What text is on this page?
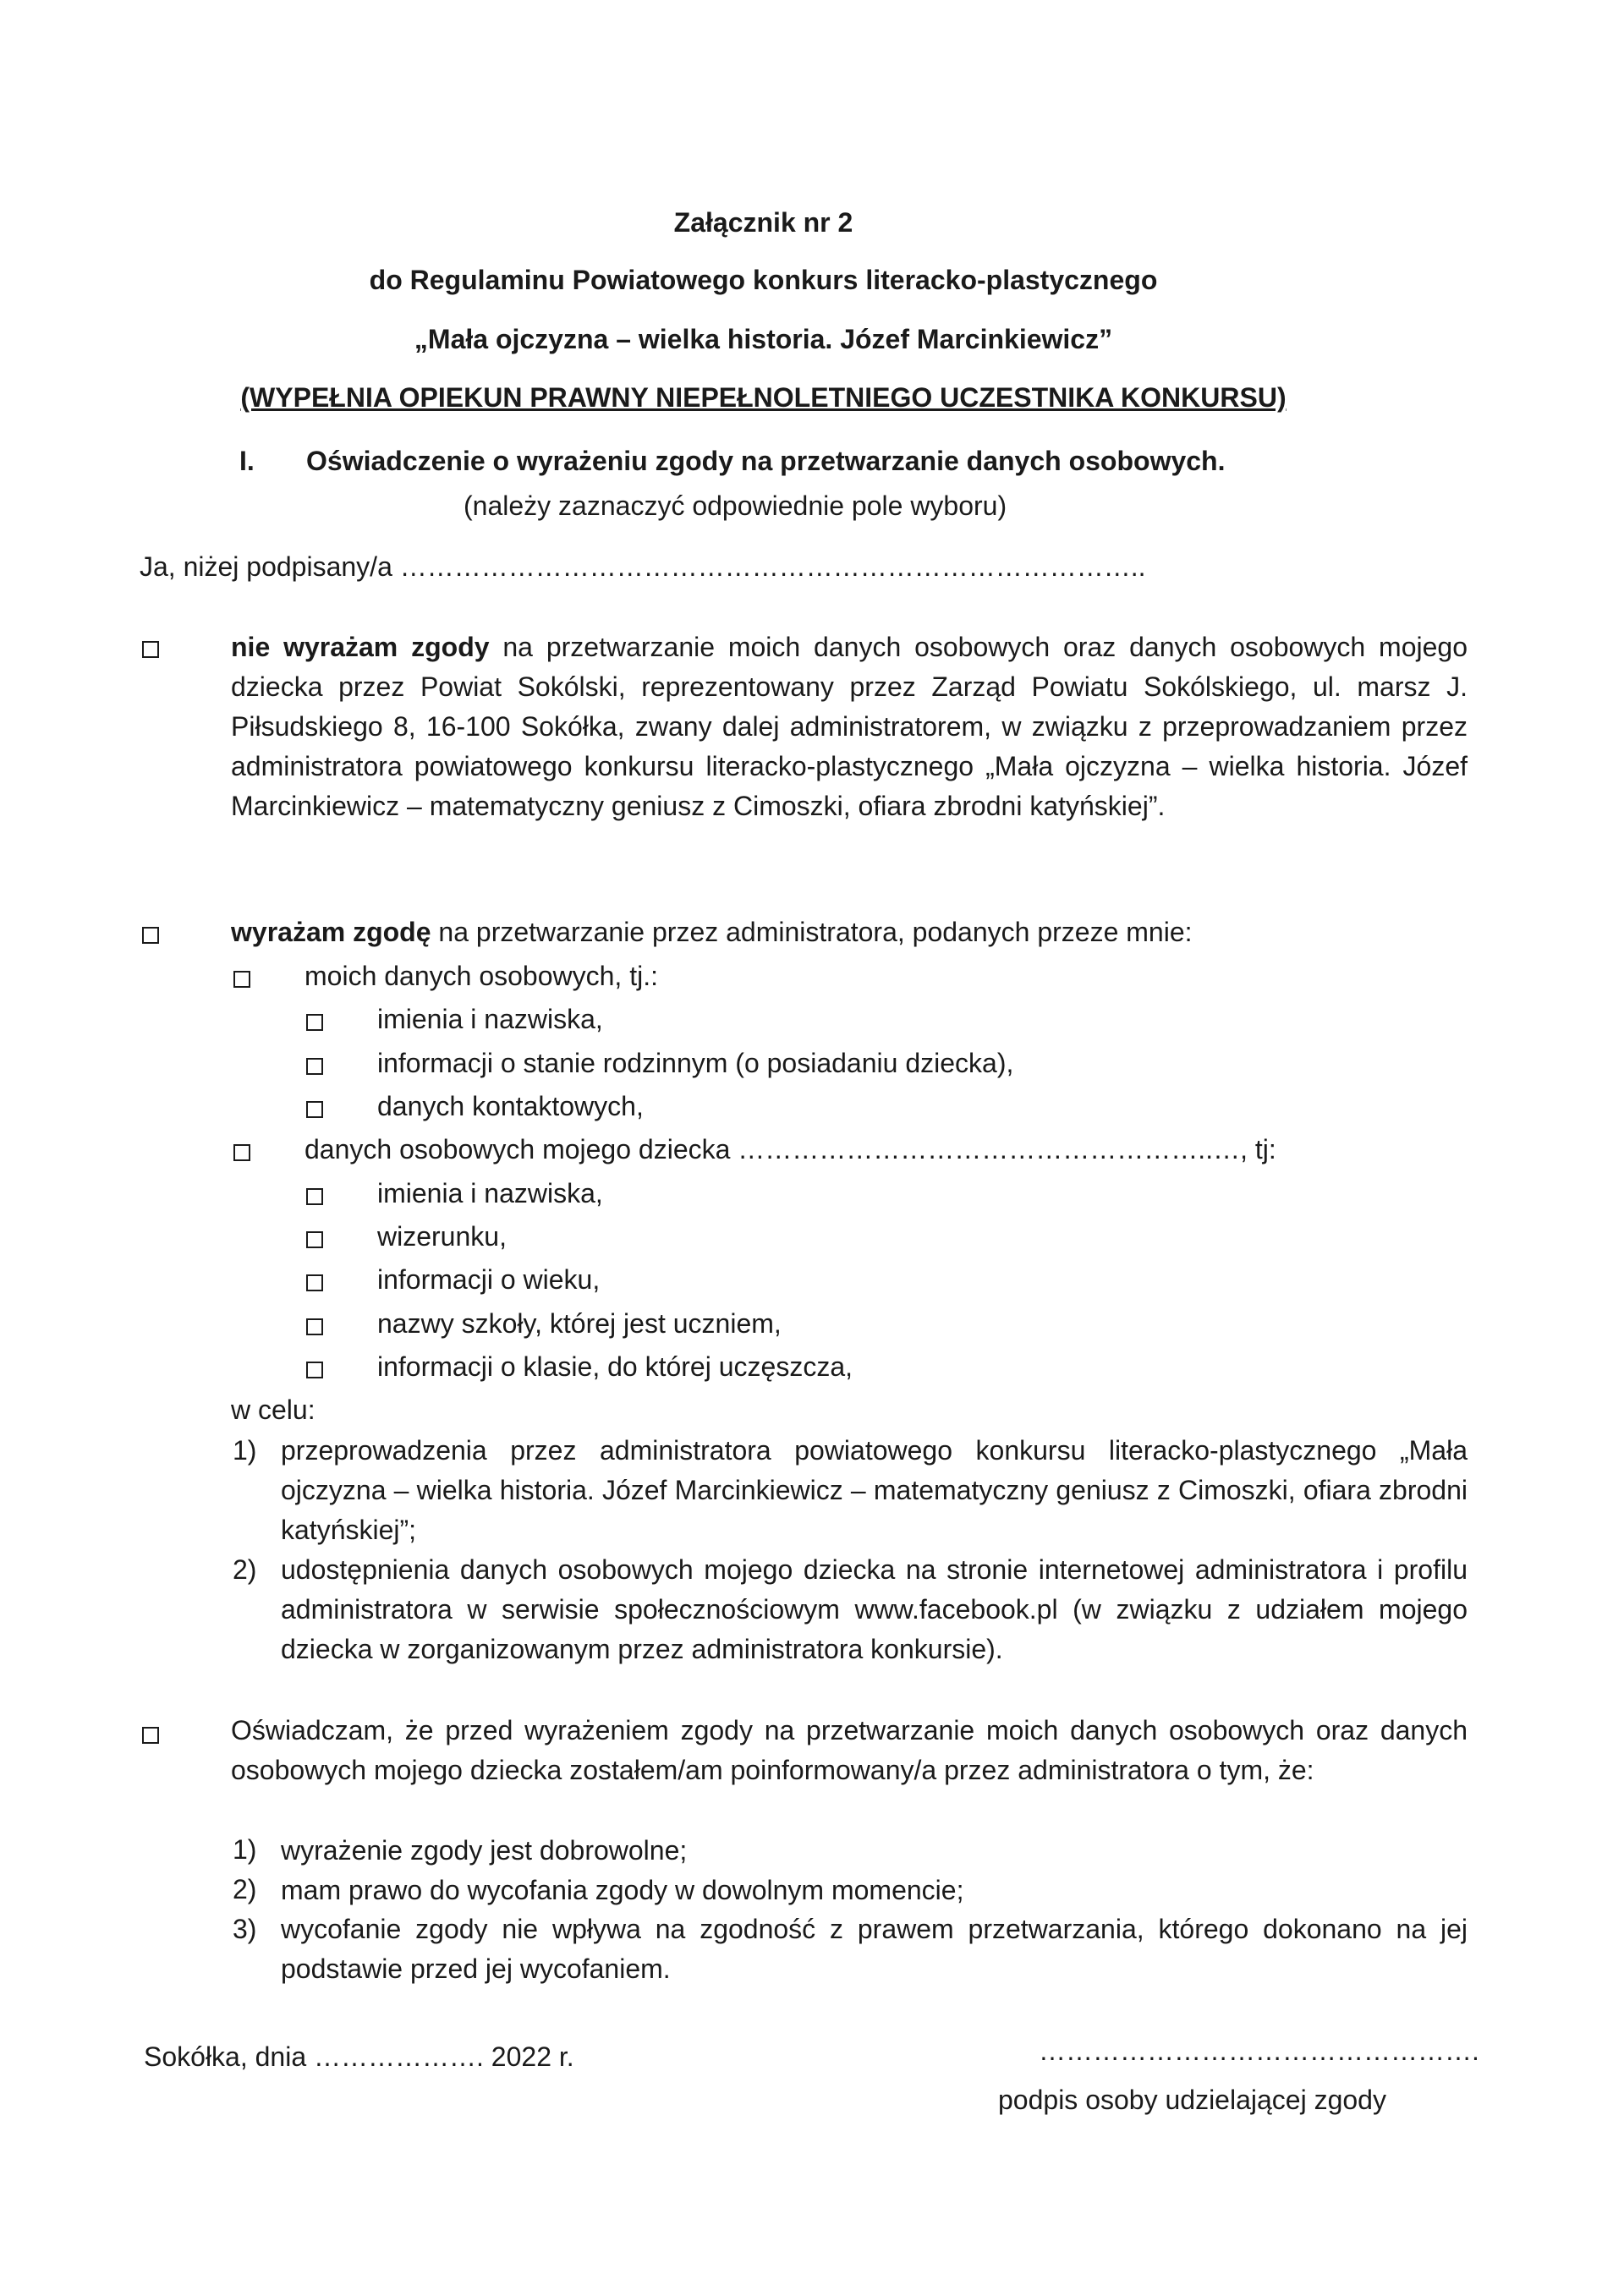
Załącznik nr 2
do Regulaminu Powiatowego konkurs literacko-plastycznego
„Mała ojczyzna – wielka historia. Józef Marcinkiewicz”
(WYPEŁNIA OPIEKUN PRAWNY NIEPEŁNOLETNIEGO UCZESTNIKA KONKURSU)
I. Oświadczenie o wyrażeniu zgody na przetwarzanie danych osobowych.
(należy zaznaczyć odpowiednie pole wyboru)
Ja, niżej podpisany/a ………………………………………………………………………..
nie wyrażam zgody na przetwarzanie moich danych osobowych oraz danych osobowych mojego dziecka przez Powiat Sokólski, reprezentowany przez Zarząd Powiatu Sokólskiego, ul. marsz J. Piłsudskiego 8, 16-100 Sokółka, zwany dalej administratorem, w związku z przeprowadzaniem przez administratora powiatowego konkursu literacko-plastycznego „Mała ojczyzna – wielka historia. Józef Marcinkiewicz – matematyczny geniusz z Cimoszki, ofiara zbrodni katyńskiej”.
wyrażam zgodę na przetwarzanie przez administratora, podanych przeze mnie:
moich danych osobowych, tj.:
imienia i nazwiska,
informacji o stanie rodzinnym (o posiadaniu dziecka),
danych kontaktowych,
danych osobowych mojego dziecka ……………………………………………..…, tj:
imienia i nazwiska,
wizerunku,
informacji o wieku,
nazwy szkoły, której jest uczniem,
informacji o klasie, do której uczęszcza,
w celu:
1) przeprowadzenia przez administratora powiatowego konkursu literacko-plastycznego „Mała ojczyzna – wielka historia. Józef Marcinkiewicz – matematyczny geniusz z Cimoszki, ofiara zbrodni katyńskiej”;
2) udostępnienia danych osobowych mojego dziecka na stronie internetowej administratora i profilu administratora w serwisie społecznościowym www.facebook.pl (w związku z udziałem mojego dziecka w zorganizowanym przez administratora konkursie).
Oświadczam, że przed wyrażeniem zgody na przetwarzanie moich danych osobowych oraz danych osobowych mojego dziecka zostałem/am poinformowany/a przez administratora o tym, że:
1) wyrażenie zgody jest dobrowolne;
2) mam prawo do wycofania zgody w dowolnym momencie;
3) wycofanie zgody nie wpływa na zgodność z prawem przetwarzania, którego dokonano na jej podstawie przed jej wycofaniem.
Sokółka, dnia ………………. 2022 r.	………………………………………….
podpis osoby udzielającej zgody
